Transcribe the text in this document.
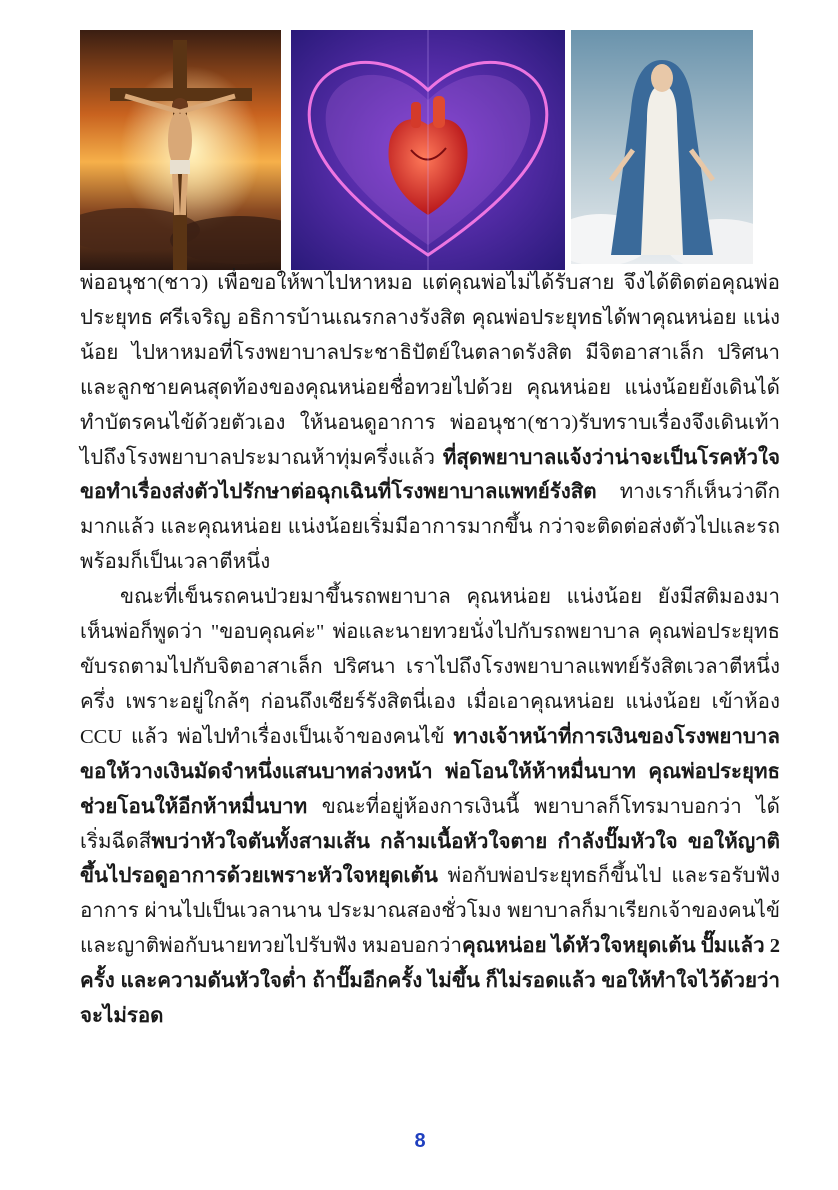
พ่ออนุชา(ชาว) เพื่อขอให้พาไปหาหมอ แต่คุณพ่อไม่ได้รับสาย จึงได้ติดต่อคุณพ่อประยุทธ ศรีเจริญ อธิการบ้านเณรกลางรังสิต คุณพ่อประยุทธได้พาคุณหน่อย แน่งน้อย ไปหาหมอที่โรงพยาบาลประชาธิปัตย์ในตลาดรังสิต มีจิตอาสาเล็ก ปริศนา และลูกชายคนสุดท้องของคุณหน่อยชื่อทวยไปด้วย คุณหน่อย แน่งน้อยยังเดินได้ ทำบัตรคนไข้ด้วยตัวเอง ให้นอนดูอาการ พ่ออนุชา(ชาว)รับทราบเรื่องจึงเดินเท้าไปถึงโรงพยาบาลประมาณห้าทุ่มครึ่งแล้ว ที่สุดพยาบาลแจ้งว่าน่าจะเป็นโรคหัวใจ ขอทำเรื่องส่งตัวไปรักษาต่อฉุกเฉินที่โรงพยาบาลแพทย์รังสิต ทางเราก็เห็นว่าดึกมากแล้ว และคุณหน่อย แน่งน้อยเริ่มมีอาการมากขึ้น กว่าจะติดต่อส่งตัวไปและรถพร้อมก็เป็นเวลาตีหนึ่ง

ขณะที่เข็นรถคนป่วยมาขึ้นรถพยาบาล คุณหน่อย แน่งน้อย ยังมีสติมองมาเห็นพ่อก็พูดว่า "ขอบคุณค่ะ" พ่อและนายทวยนั่งไปกับรถพยาบาล คุณพ่อประยุทธขับรถตามไปกับจิตอาสาเล็ก ปริศนา เราไปถึงโรงพยาบาลแพทย์รังสิตเวลาตีหนึ่งครึ่ง เพราะอยู่ใกล้ๆ ก่อนถึงเซียร์รังสิตนี่เอง เมื่อเอาคุณหน่อย แน่งน้อย เข้าห้อง CCU แล้ว พ่อไปทำเรื่องเป็นเจ้าของคนไข้ ทางเจ้าหน้าที่การเงินของโรงพยาบาลขอให้วางเงินมัดจำหนึ่งแสนบาทล่วงหน้า พ่อโอนให้ห้าหมื่นบาท คุณพ่อประยุทธช่วยโอนให้อีกห้าหมื่นบาท ขณะที่อยู่ห้องการเงินนี้ พยาบาลก็โทรมาบอกว่า ได้เริ่มฉีดสีพบว่าหัวใจตันทั้งสามเส้น กล้ามเนื้อหัวใจตาย กำลังปั๊มหัวใจ ขอให้ญาติขึ้นไปรอดูอาการด้วยเพราะหัวใจหยุดเต้น พ่อกับพ่อประยุทธก็ขึ้นไป และรอรับฟังอาการ ผ่านไปเป็นเวลานาน ประมาณสองชั่วโมง พยาบาลก็มาเรียกเจ้าของคนไข้และญาติพ่อกับนายทวยไปรับฟัง หมอบอกว่าคุณหน่อย ได้หัวใจหยุดเต้น ปั๊มแล้ว 2 ครั้ง และความดันหัวใจต่ำ ถ้าปั๊มอีกครั้ง ไม่ขึ้น ก็ไม่รอดแล้ว ขอให้ทำใจไว้ด้วยว่าจะไม่รอด

8
